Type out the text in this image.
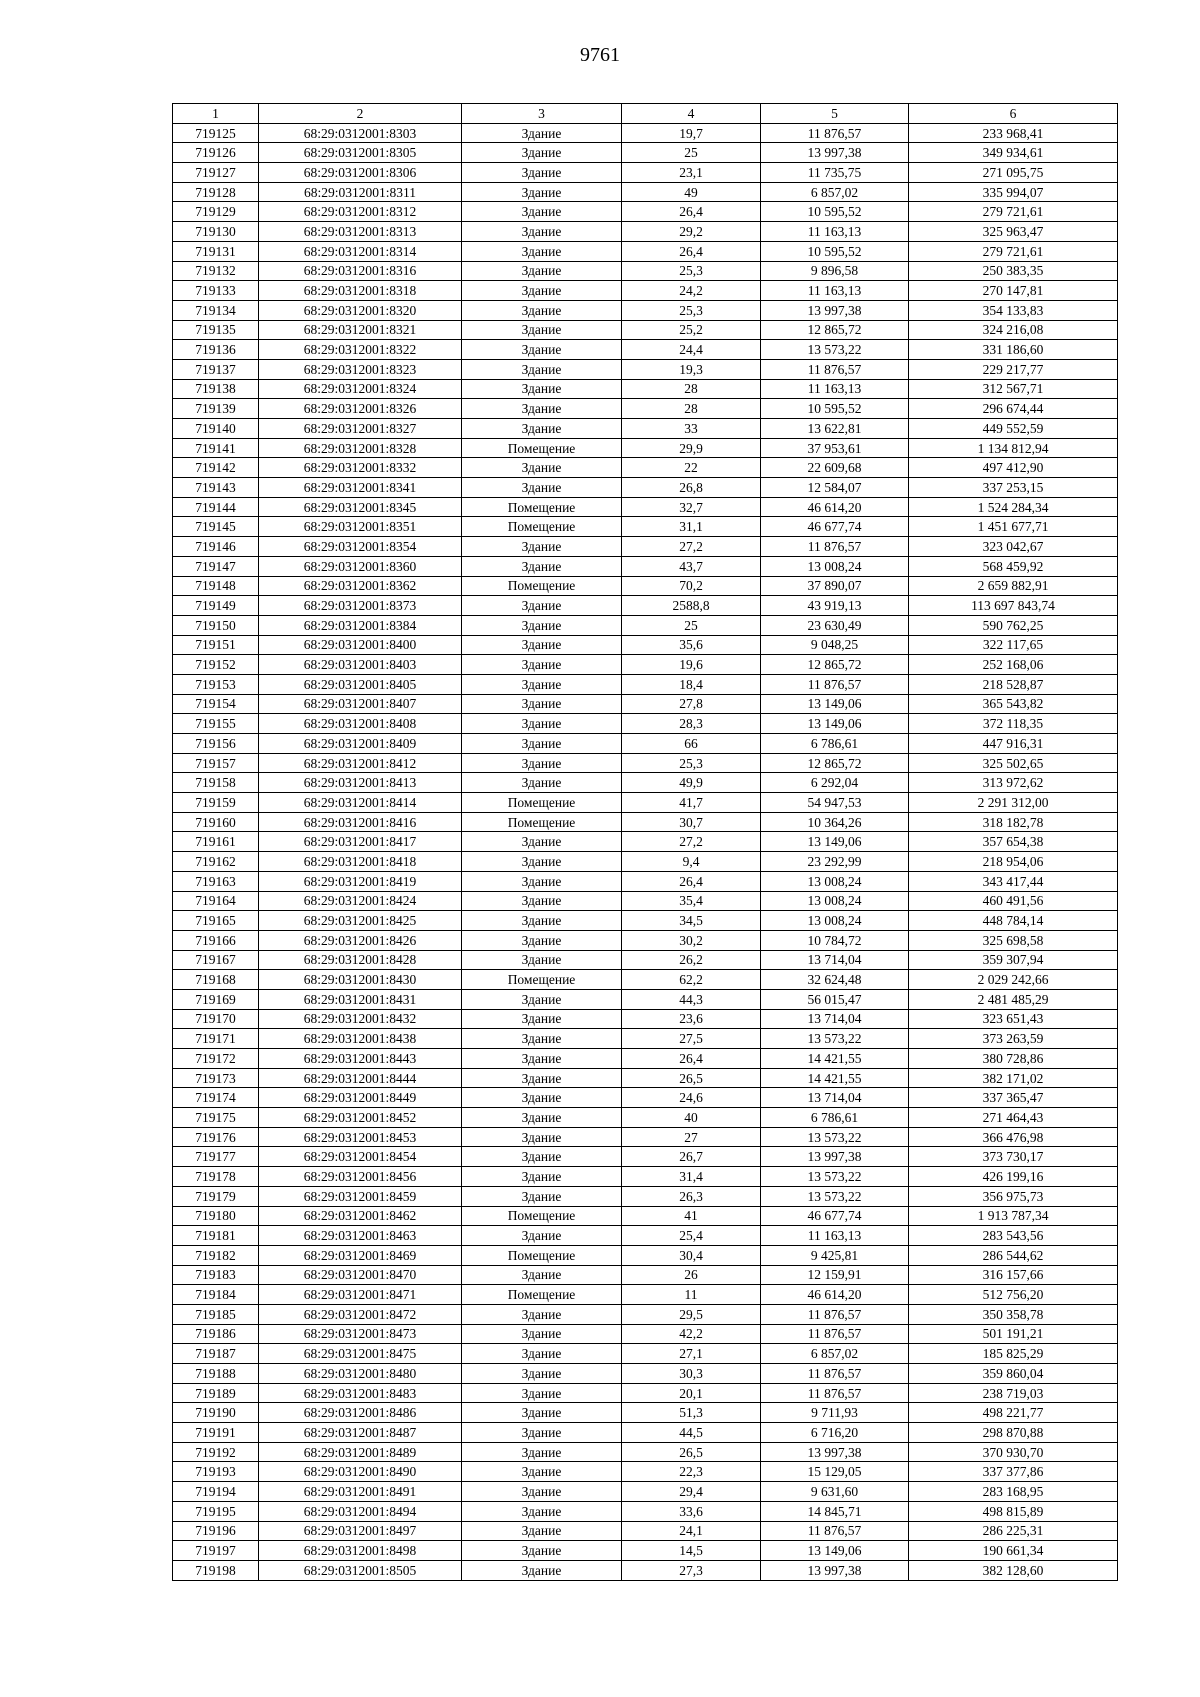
9761
1	2	3	4	5	6
719125	68:29:0312001:8303	Здание	19,7	11 876,57	233 968,41
719126	68:29:0312001:8305	Здание	25	13 997,38	349 934,61
719127	68:29:0312001:8306	Здание	23,1	11 735,75	271 095,75
719128	68:29:0312001:8311	Здание	49	6 857,02	335 994,07
719129	68:29:0312001:8312	Здание	26,4	10 595,52	279 721,61
719130	68:29:0312001:8313	Здание	29,2	11 163,13	325 963,47
719131	68:29:0312001:8314	Здание	26,4	10 595,52	279 721,61
719132	68:29:0312001:8316	Здание	25,3	9 896,58	250 383,35
719133	68:29:0312001:8318	Здание	24,2	11 163,13	270 147,81
719134	68:29:0312001:8320	Здание	25,3	13 997,38	354 133,83
719135	68:29:0312001:8321	Здание	25,2	12 865,72	324 216,08
719136	68:29:0312001:8322	Здание	24,4	13 573,22	331 186,60
719137	68:29:0312001:8323	Здание	19,3	11 876,57	229 217,77
719138	68:29:0312001:8324	Здание	28	11 163,13	312 567,71
719139	68:29:0312001:8326	Здание	28	10 595,52	296 674,44
719140	68:29:0312001:8327	Здание	33	13 622,81	449 552,59
719141	68:29:0312001:8328	Помещение	29,9	37 953,61	1 134 812,94
719142	68:29:0312001:8332	Здание	22	22 609,68	497 412,90
719143	68:29:0312001:8341	Здание	26,8	12 584,07	337 253,15
719144	68:29:0312001:8345	Помещение	32,7	46 614,20	1 524 284,34
719145	68:29:0312001:8351	Помещение	31,1	46 677,74	1 451 677,71
719146	68:29:0312001:8354	Здание	27,2	11 876,57	323 042,67
719147	68:29:0312001:8360	Здание	43,7	13 008,24	568 459,92
719148	68:29:0312001:8362	Помещение	70,2	37 890,07	2 659 882,91
719149	68:29:0312001:8373	Здание	2588,8	43 919,13	113 697 843,74
719150	68:29:0312001:8384	Здание	25	23 630,49	590 762,25
719151	68:29:0312001:8400	Здание	35,6	9 048,25	322 117,65
719152	68:29:0312001:8403	Здание	19,6	12 865,72	252 168,06
719153	68:29:0312001:8405	Здание	18,4	11 876,57	218 528,87
719154	68:29:0312001:8407	Здание	27,8	13 149,06	365 543,82
719155	68:29:0312001:8408	Здание	28,3	13 149,06	372 118,35
719156	68:29:0312001:8409	Здание	66	6 786,61	447 916,31
719157	68:29:0312001:8412	Здание	25,3	12 865,72	325 502,65
719158	68:29:0312001:8413	Здание	49,9	6 292,04	313 972,62
719159	68:29:0312001:8414	Помещение	41,7	54 947,53	2 291 312,00
719160	68:29:0312001:8416	Помещение	30,7	10 364,26	318 182,78
719161	68:29:0312001:8417	Здание	27,2	13 149,06	357 654,38
719162	68:29:0312001:8418	Здание	9,4	23 292,99	218 954,06
719163	68:29:0312001:8419	Здание	26,4	13 008,24	343 417,44
719164	68:29:0312001:8424	Здание	35,4	13 008,24	460 491,56
719165	68:29:0312001:8425	Здание	34,5	13 008,24	448 784,14
719166	68:29:0312001:8426	Здание	30,2	10 784,72	325 698,58
719167	68:29:0312001:8428	Здание	26,2	13 714,04	359 307,94
719168	68:29:0312001:8430	Помещение	62,2	32 624,48	2 029 242,66
719169	68:29:0312001:8431	Здание	44,3	56 015,47	2 481 485,29
719170	68:29:0312001:8432	Здание	23,6	13 714,04	323 651,43
719171	68:29:0312001:8438	Здание	27,5	13 573,22	373 263,59
719172	68:29:0312001:8443	Здание	26,4	14 421,55	380 728,86
719173	68:29:0312001:8444	Здание	26,5	14 421,55	382 171,02
719174	68:29:0312001:8449	Здание	24,6	13 714,04	337 365,47
719175	68:29:0312001:8452	Здание	40	6 786,61	271 464,43
719176	68:29:0312001:8453	Здание	27	13 573,22	366 476,98
719177	68:29:0312001:8454	Здание	26,7	13 997,38	373 730,17
719178	68:29:0312001:8456	Здание	31,4	13 573,22	426 199,16
719179	68:29:0312001:8459	Здание	26,3	13 573,22	356 975,73
719180	68:29:0312001:8462	Помещение	41	46 677,74	1 913 787,34
719181	68:29:0312001:8463	Здание	25,4	11 163,13	283 543,56
719182	68:29:0312001:8469	Помещение	30,4	9 425,81	286 544,62
719183	68:29:0312001:8470	Здание	26	12 159,91	316 157,66
719184	68:29:0312001:8471	Помещение	11	46 614,20	512 756,20
719185	68:29:0312001:8472	Здание	29,5	11 876,57	350 358,78
719186	68:29:0312001:8473	Здание	42,2	11 876,57	501 191,21
719187	68:29:0312001:8475	Здание	27,1	6 857,02	185 825,29
719188	68:29:0312001:8480	Здание	30,3	11 876,57	359 860,04
719189	68:29:0312001:8483	Здание	20,1	11 876,57	238 719,03
719190	68:29:0312001:8486	Здание	51,3	9 711,93	498 221,77
719191	68:29:0312001:8487	Здание	44,5	6 716,20	298 870,88
719192	68:29:0312001:8489	Здание	26,5	13 997,38	370 930,70
719193	68:29:0312001:8490	Здание	22,3	15 129,05	337 377,86
719194	68:29:0312001:8491	Здание	29,4	9 631,60	283 168,95
719195	68:29:0312001:8494	Здание	33,6	14 845,71	498 815,89
719196	68:29:0312001:8497	Здание	24,1	11 876,57	286 225,31
719197	68:29:0312001:8498	Здание	14,5	13 149,06	190 661,34
719198	68:29:0312001:8505	Здание	27,3	13 997,38	382 128,60
